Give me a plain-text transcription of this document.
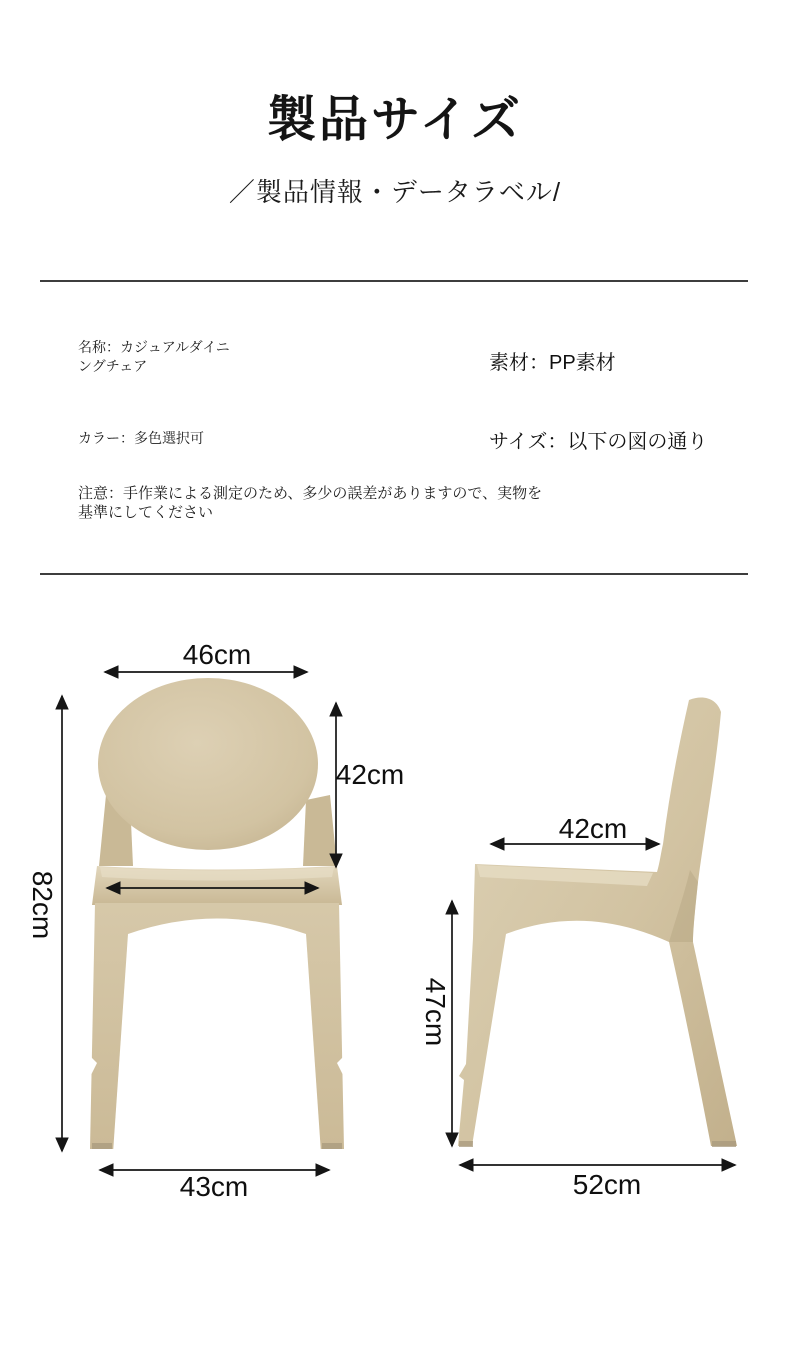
製品サイズ
／製品情報・データラベル/
名称：カジュアルダイニ
ングチェア	素材：PP素材
カラー：多色選択可	サイズ：以下の図の通り
注意：手作業による測定のため、多少の誤差がありますので、実物を
基準にしてください
46cm
42cm
82cm
43cm
42cm
47cm
52cm
